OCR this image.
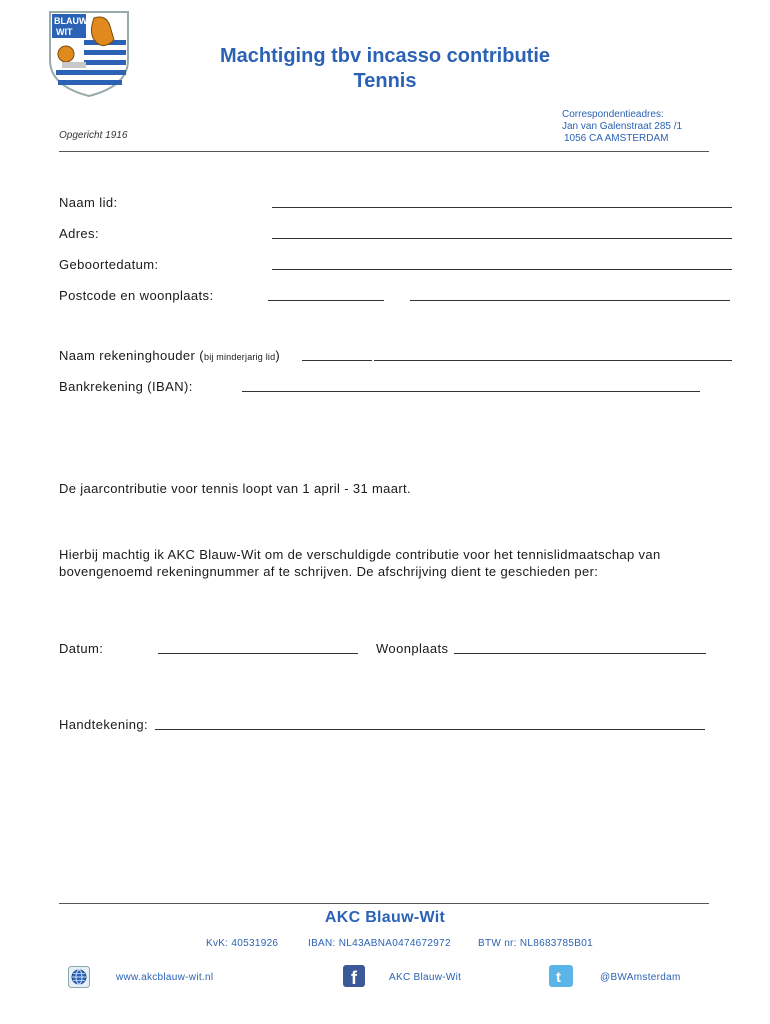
BLAUW
WIT
Machtiging tbv incasso contributie
Tennis
Opgericht 1916
Correspondentieadres:
Jan van Galenstraat 285 /1
1056 CA AMSTERDAM
Naam lid:
Adres:
Geboortedatum:
Postcode en woonplaats:
Naam rekeninghouder (bij minderjarig lid)
Bankrekening (IBAN):
De jaarcontributie voor tennis loopt van 1 april - 31 maart.
Hierbij machtig ik AKC Blauw-Wit om de verschuldigde contributie voor het tennislidmaatschap van
bovengenoemd rekeningnummer af te schrijven. De afschrijving dient te geschieden per:
Datum:	Woonplaats
Handtekening:
AKC Blauw-Wit
KvK: 40531926	IBAN: NL43ABNA0474672972	BTW nr: NL8683785B01
www.akcblauw-wit.nl	f	AKC Blauw-Wit	t	@BWAmsterdam
